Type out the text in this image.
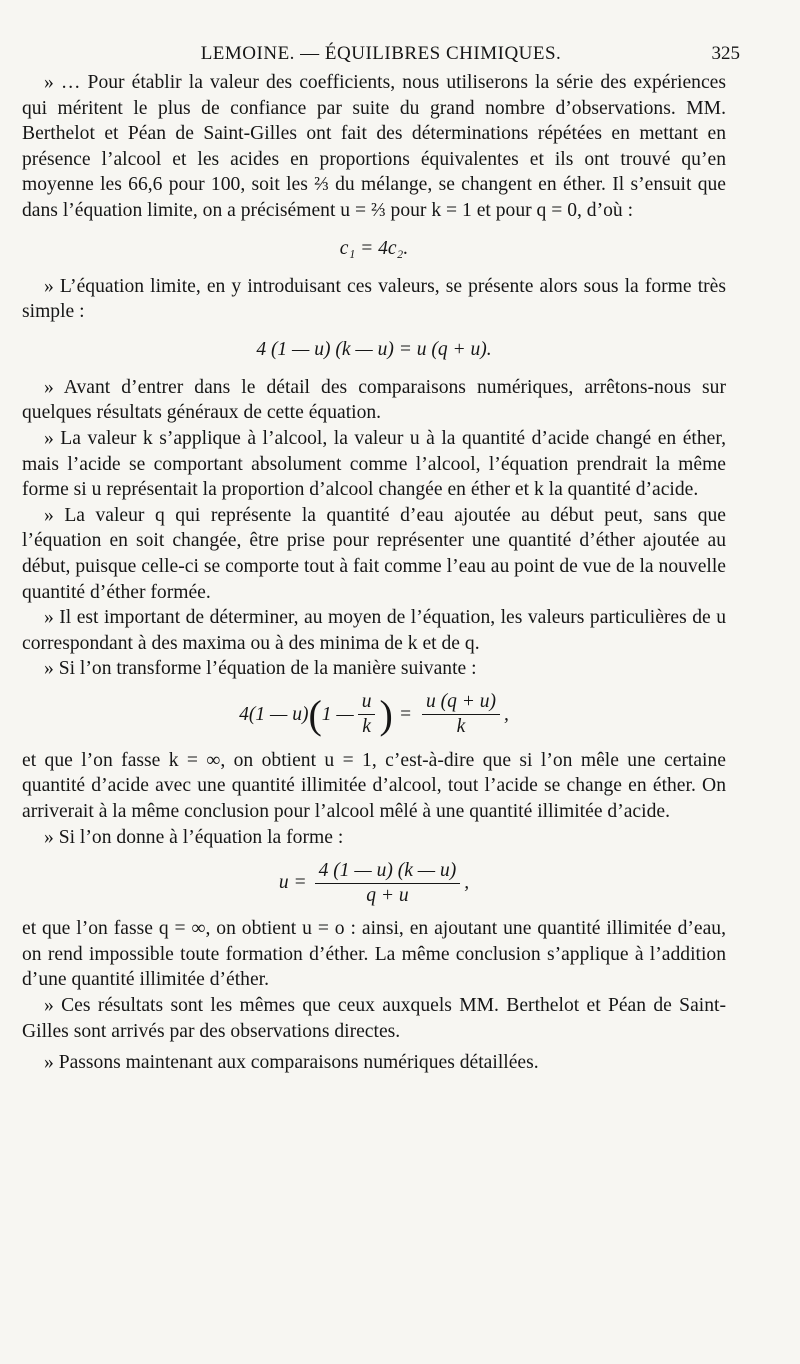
LEMOINE. — ÉQUILIBRES CHIMIQUES.	325

» … Pour établir la valeur des coefficients, nous utiliserons la série des expériences qui méritent le plus de confiance par suite du grand nombre d’observations. MM. Berthelot et Péan de Saint-Gilles ont fait des déterminations répétées en mettant en présence l’alcool et les acides en proportions équivalentes et ils ont trouvé qu’en moyenne les 66,6 pour 100, soit les ⅔ du mélange, se changent en éther. Il s’ensuit que dans l’équation limite, on a précisément u = ⅔ pour k = 1 et pour q = 0, d’où :

c₁ = 4c₂.

» L’équation limite, en y introduisant ces valeurs, se présente alors sous la forme très simple :

4 (1 — u) (k — u) = u (q + u).

» Avant d’entrer dans le détail des comparaisons numériques, arrêtons-nous sur quelques résultats généraux de cette équation.

» La valeur k s’applique à l’alcool, la valeur u à la quantité d’acide changé en éther, mais l’acide se comportant absolument comme l’alcool, l’équation prendrait la même forme si u représentait la proportion d’alcool changée en éther et k la quantité d’acide.

» La valeur q qui représente la quantité d’eau ajoutée au début peut, sans que l’équation en soit changée, être prise pour représenter une quantité d’éther ajoutée au début, puisque celle-ci se comporte tout à fait comme l’eau au point de vue de la nouvelle quantité d’éther formée.

» Il est important de déterminer, au moyen de l’équation, les valeurs particulières de u correspondant à des maxima ou à des minima de k et de q.

» Si l’on transforme l’équation de la manière suivante :

4(1 — u) ( 1 — $\frac{u}{k}$ ) = $\frac{u (q + u)}{k}$ ,

et que l’on fasse k = ∞, on obtient u = 1, c’est-à-dire que si l’on mêle une certaine quantité d’acide avec une quantité illimitée d’alcool, tout l’acide se change en éther. On arriverait à la même conclusion pour l’alcool mêlé à une quantité illimitée d’acide.

» Si l’on donne à l’équation la forme :

$u = \frac{4 (1 — u) (k — u)}{q + u}$ ,

et que l’on fasse q = ∞, on obtient u = o : ainsi, en ajoutant une quantité illimitée d’eau, on rend impossible toute formation d’éther. La même conclusion s’applique à l’addition d’une quantité illimitée d’éther.

» Ces résultats sont les mêmes que ceux auxquels MM. Berthelot et Péan de Saint-Gilles sont arrivés par des observations directes.

» Passons maintenant aux comparaisons numériques détaillées.
